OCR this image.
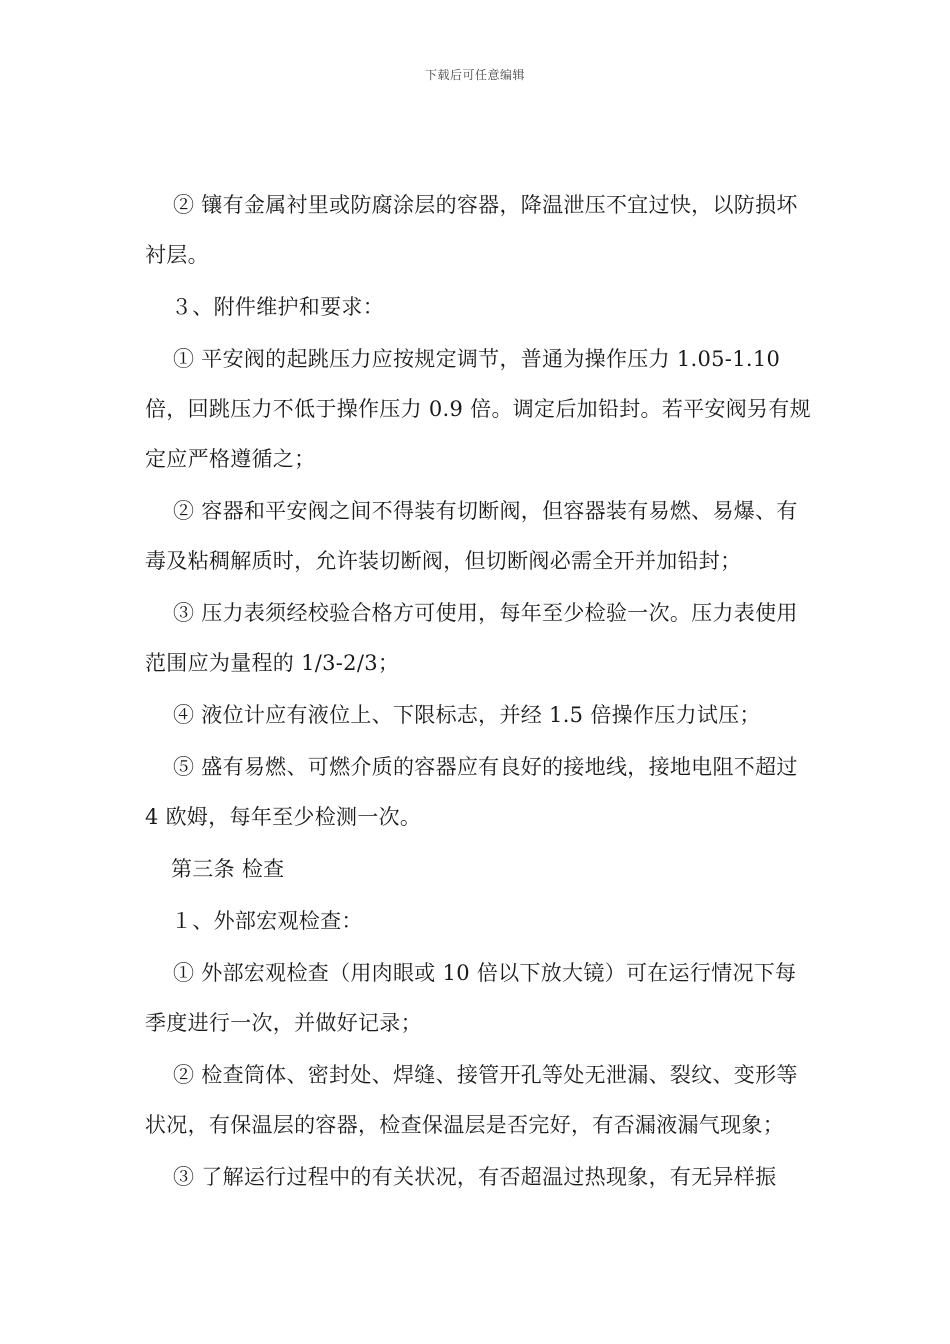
下载后可任意编辑

② 镶有金属衬里或防腐涂层的容器，降温泄压不宜过快，以防损坏衬层。

３、附件维护和要求：

① 平安阀的起跳压力应按规定调节，普通为操作压力 1.05-1.10 倍，回跳压力不低于操作压力 0.9 倍。调定后加铅封。若平安阀另有规定应严格遵循之；

② 容器和平安阀之间不得装有切断阀，但容器装有易燃、易爆、有毒及粘稠解质时，允许装切断阀，但切断阀必需全开并加铅封；

③ 压力表须经校验合格方可使用，每年至少检验一次。压力表使用范围应为量程的 1/3-2/3；

④ 液位计应有液位上、下限标志，并经 1.5 倍操作压力试压；

⑤ 盛有易燃、可燃介质的容器应有良好的接地线，接地电阻不超过 4 欧姆，每年至少检测一次。

第三条 检查

１、外部宏观检查：

① 外部宏观检查（用肉眼或 10 倍以下放大镜）可在运行情况下每季度进行一次，并做好记录；

② 检查筒体、密封处、焊缝、接管开孔等处无泄漏、裂纹、变形等状况，有保温层的容器，检查保温层是否完好，有否漏液漏气现象；

③ 了解运行过程中的有关状况，有否超温过热现象，有无异样振
